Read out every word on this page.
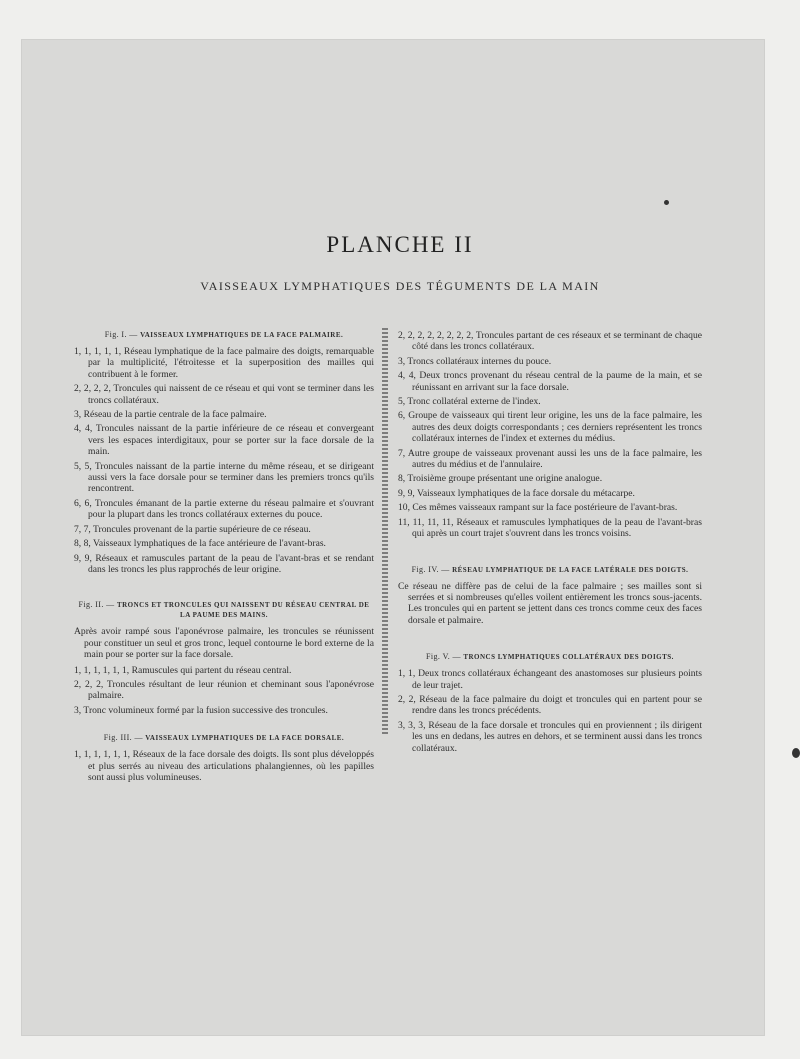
PLANCHE II
VAISSEAUX LYMPHATIQUES DES TÉGUMENTS DE LA MAIN
Fig. I. — VAISSEAUX LYMPHATIQUES DE LA FACE PALMAIRE.
1, 1, 1, 1, 1, Réseau lymphatique de la face palmaire des doigts, remarquable par la multiplicité, l'étroitesse et la superposition des mailles qui contribuent à le former.
2, 2, 2, 2, Troncules qui naissent de ce réseau et qui vont se terminer dans les troncs collatéraux.
3, Réseau de la partie centrale de la face palmaire.
4, 4, Troncules naissant de la partie inférieure de ce réseau et convergeant vers les espaces interdigitaux, pour se porter sur la face dorsale de la main.
5, 5, Troncules naissant de la partie interne du même réseau, et se dirigeant aussi vers la face dorsale pour se terminer dans les premiers troncs qu'ils rencontrent.
6, 6, Troncules émanant de la partie externe du réseau palmaire et s'ouvrant pour la plupart dans les troncs collatéraux externes du pouce.
7, 7, Troncules provenant de la partie supérieure de ce réseau.
8, 8, Vaisseaux lymphatiques de la face antérieure de l'avant-bras.
9, 9, Réseaux et ramuscules partant de la peau de l'avant-bras et se rendant dans les troncs les plus rapprochés de leur origine.
Fig. II. — TRONCS ET TRONCULES QUI NAISSENT DU RÉSEAU CENTRAL DE LA PAUME DES MAINS.
Après avoir rampé sous l'aponévrose palmaire, les troncules se réunissent pour constituer un seul et gros tronc, lequel contourne le bord externe de la main pour se porter sur la face dorsale.
1, 1, 1, 1, 1, 1, Ramuscules qui partent du réseau central.
2, 2, 2, Troncules résultant de leur réunion et cheminant sous l'aponévrose palmaire.
3, Tronc volumineux formé par la fusion successive des troncules.
Fig. III. — VAISSEAUX LYMPHATIQUES DE LA FACE DORSALE.
1, 1, 1, 1, 1, 1, Réseaux de la face dorsale des doigts. Ils sont plus développés et plus serrés au niveau des articulations phalangiennes, où les papilles sont aussi plus volumineuses.
2, 2, 2, 2, 2, 2, 2, 2, Troncules partant de ces réseaux et se terminant de chaque côté dans les troncs collatéraux.
3, Troncs collatéraux internes du pouce.
4, 4, Deux troncs provenant du réseau central de la paume de la main, et se réunissant en arrivant sur la face dorsale.
5, Tronc collatéral externe de l'index.
6, Groupe de vaisseaux qui tirent leur origine, les uns de la face palmaire, les autres des deux doigts correspondants ; ces derniers représentent les troncs collatéraux internes de l'index et externes du médius.
7, Autre groupe de vaisseaux provenant aussi les uns de la face palmaire, les autres du médius et de l'annulaire.
8, Troisième groupe présentant une origine analogue.
9, 9, Vaisseaux lymphatiques de la face dorsale du métacarpe.
10, Ces mêmes vaisseaux rampant sur la face postérieure de l'avant-bras.
11, 11, 11, 11, Réseaux et ramuscules lymphatiques de la peau de l'avant-bras qui après un court trajet s'ouvrent dans les troncs voisins.
Fig. IV. — RÉSEAU LYMPHATIQUE DE LA FACE LATÉRALE DES DOIGTS.
Ce réseau ne diffère pas de celui de la face palmaire ; ses mailles sont si serrées et si nombreuses qu'elles voilent entièrement les troncs sous-jacents. Les troncules qui en partent se jettent dans ces troncs comme ceux des faces dorsale et palmaire.
Fig. V. — TRONCS LYMPHATIQUES COLLATÉRAUX DES DOIGTS.
1, 1, Deux troncs collatéraux échangeant des anastomoses sur plusieurs points de leur trajet.
2, 2, Réseau de la face palmaire du doigt et troncules qui en partent pour se rendre dans les troncs précédents.
3, 3, 3, Réseau de la face dorsale et troncules qui en proviennent ; ils dirigent les uns en dedans, les autres en dehors, et se terminent aussi dans les troncs collatéraux.
